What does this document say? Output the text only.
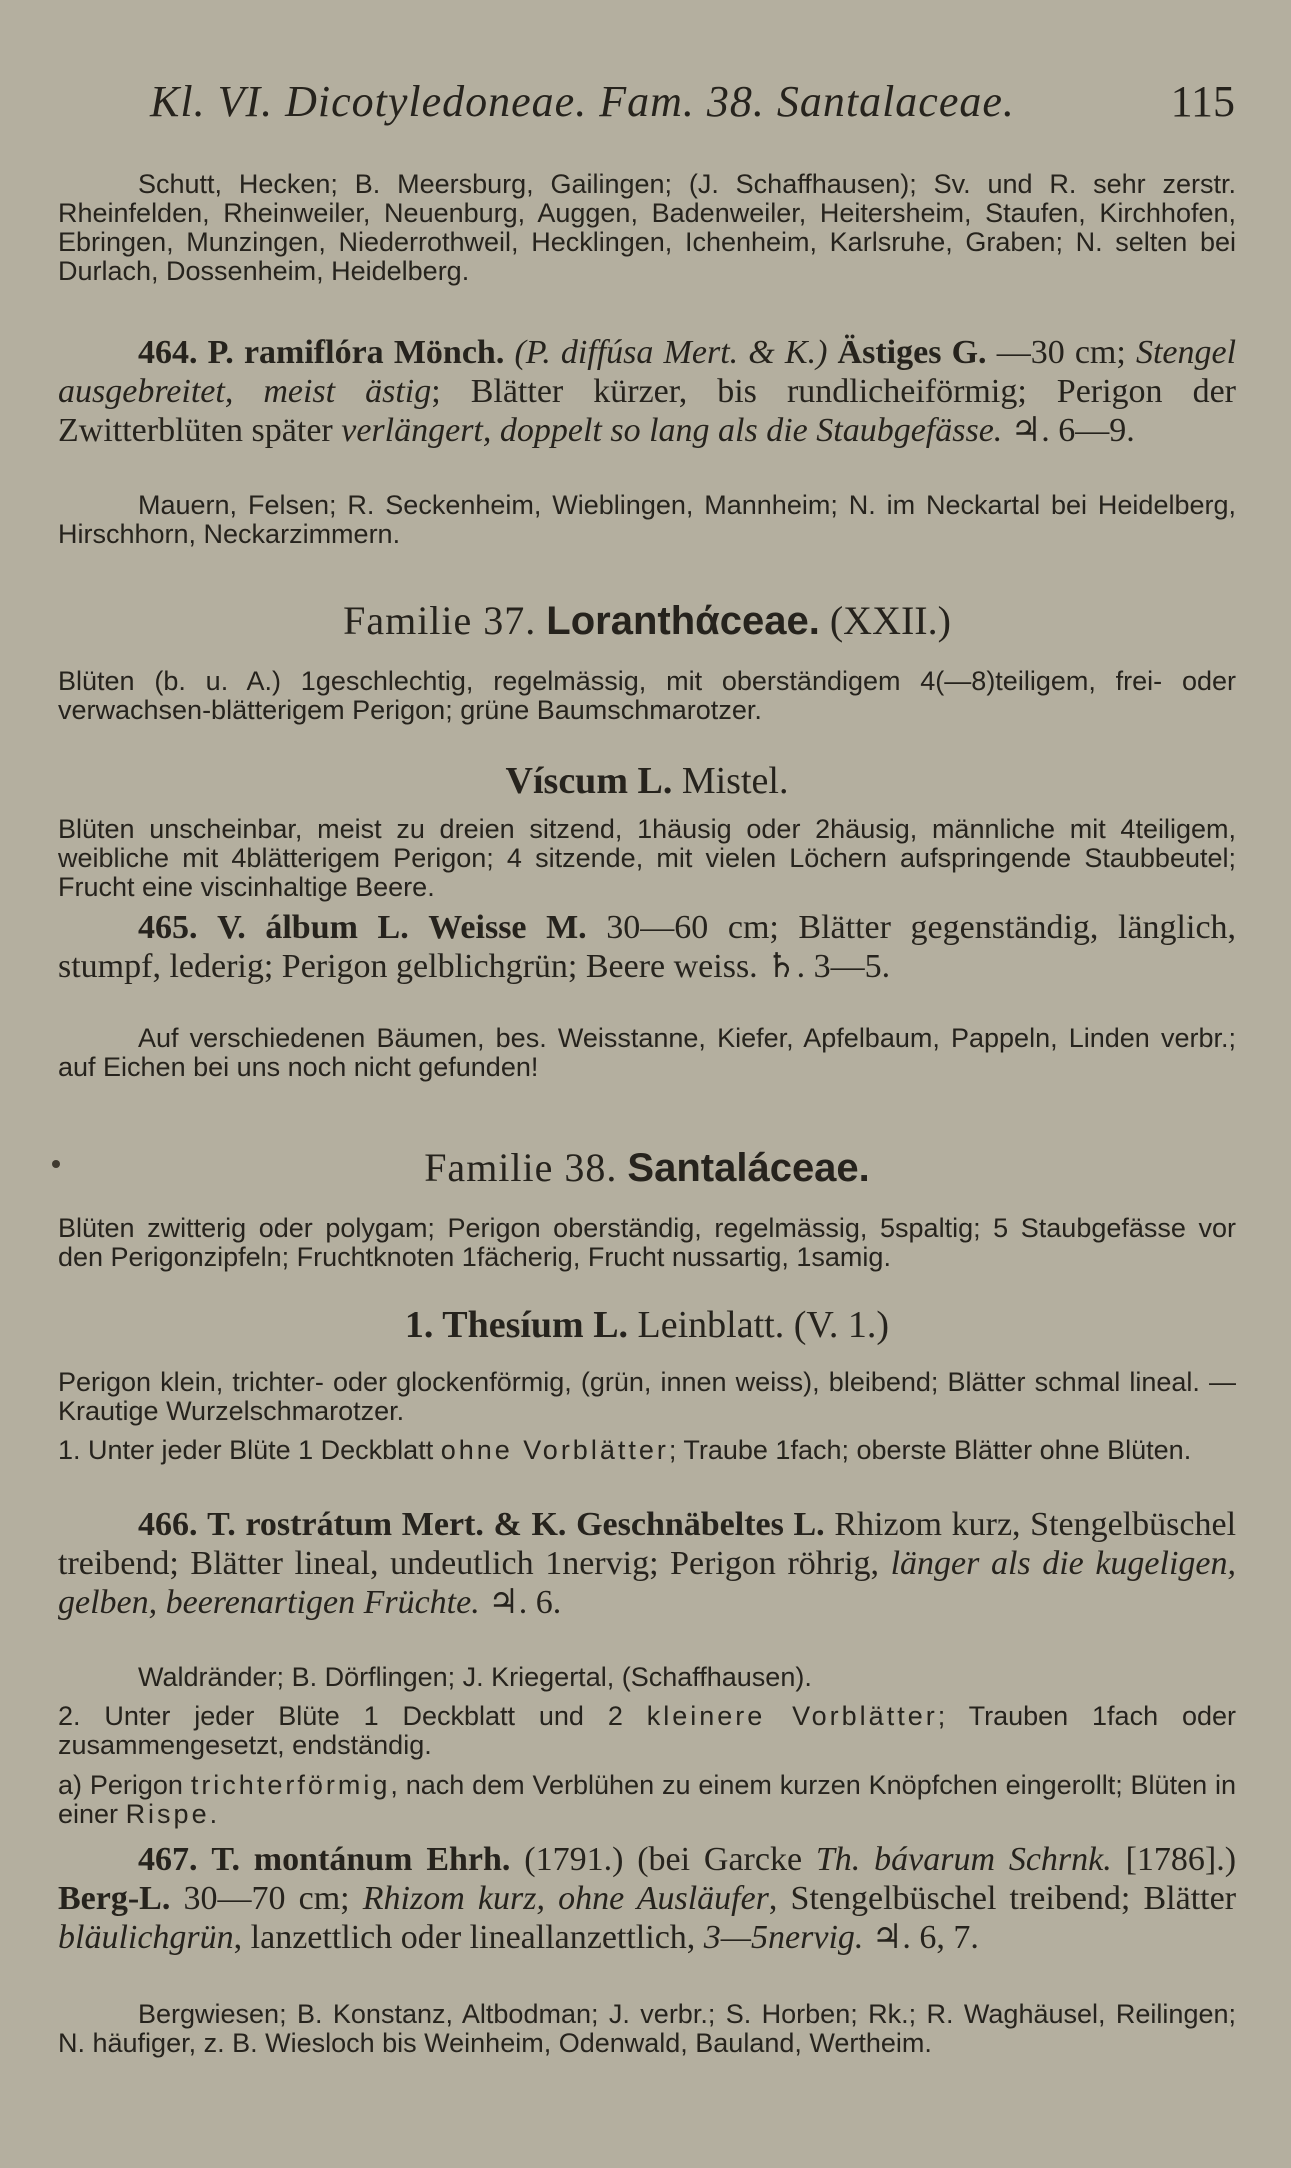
Kl. VI. Dicotyledoneae. Fam. 38. Santalaceae.	115
Schutt, Hecken; B. Meersburg, Gailingen; (J. Schaffhausen); Sv. und R. sehr zerstr. Rheinfelden, Rheinweiler, Neuenburg, Auggen, Badenweiler, Heitersheim, Staufen, Kirchhofen, Ebringen, Munzingen, Niederrothweil, Hecklingen, Ichenheim, Karlsruhe, Graben; N. selten bei Durlach, Dossenheim, Heidelberg.
464. P. ramiflóra Mönch. (P. diffúsa Mert. & K.) Ästiges G. —30 cm; Stengel ausgebreitet, meist ästig; Blätter kürzer, bis rundlicheiförmig; Perigon der Zwitterblüten später verlängert, doppelt so lang als die Staubgefässe. ♃. 6—9.
Mauern, Felsen; R. Seckenheim, Wieblingen, Mannheim; N. im Neckartal bei Heidelberg, Hirschhorn, Neckarzimmern.
Familie 37. Loranthάceae. (XXII.)
Blüten (b. u. A.) 1geschlechtig, regelmässig, mit oberständigem 4(—8)teiligem, frei- oder verwachsen-blätterigem Perigon; grüne Baumschmarotzer.
Víscum L. Mistel.
Blüten unscheinbar, meist zu dreien sitzend, 1häusig oder 2häusig, männliche mit 4teiligem, weibliche mit 4blätterigem Perigon; 4 sitzende, mit vielen Löchern aufspringende Staubbeutel; Frucht eine viscinhaltige Beere.
465. V. álbum L. Weisse M. 30—60 cm; Blätter gegenständig, länglich, stumpf, lederig; Perigon gelblichgrün; Beere weiss. ♄. 3—5.
Auf verschiedenen Bäumen, bes. Weisstanne, Kiefer, Apfelbaum, Pappeln, Linden verbr.; auf Eichen bei uns noch nicht gefunden!
Familie 38. Santaláceae.
Blüten zwitterig oder polygam; Perigon oberständig, regelmässig, 5spaltig; 5 Staubgefässe vor den Perigonzipfeln; Fruchtknoten 1fächerig, Frucht nussartig, 1samig.
1. Thesíum L. Leinblatt. (V. 1.)
Perigon klein, trichter- oder glockenförmig, (grün, innen weiss), bleibend; Blätter schmal lineal. — Krautige Wurzelschmarotzer.
1. Unter jeder Blüte 1 Deckblatt ohne Vorblätter; Traube 1fach; oberste Blätter ohne Blüten.
466. T. rostrátum Mert. & K. Geschnäbeltes L. Rhizom kurz, Stengelbüschel treibend; Blätter lineal, undeutlich 1nervig; Perigon röhrig, länger als die kugeligen, gelben, beerenartigen Früchte. ♃. 6.
Waldränder; B. Dörflingen; J. Kriegertal, (Schaffhausen).
2. Unter jeder Blüte 1 Deckblatt und 2 kleinere Vorblätter; Trauben 1fach oder zusammengesetzt, endständig.
a) Perigon trichterförmig, nach dem Verblühen zu einem kurzen Knöpfchen eingerollt; Blüten in einer Rispe.
467. T. montánum Ehrh. (1791.) (bei Garcke Th. bávarum Schrnk. [1786].) Berg-L. 30—70 cm; Rhizom kurz, ohne Ausläufer, Stengelbüschel treibend; Blätter bläulichgrün, lanzettlich oder lineallanzettlich, 3—5nervig. ♃. 6, 7.
Bergwiesen; B. Konstanz, Altbodman; J. verbr.; S. Horben; Rk.; R. Waghäusel, Reilingen; N. häufiger, z. B. Wiesloch bis Weinheim, Odenwald, Bauland, Wertheim.
